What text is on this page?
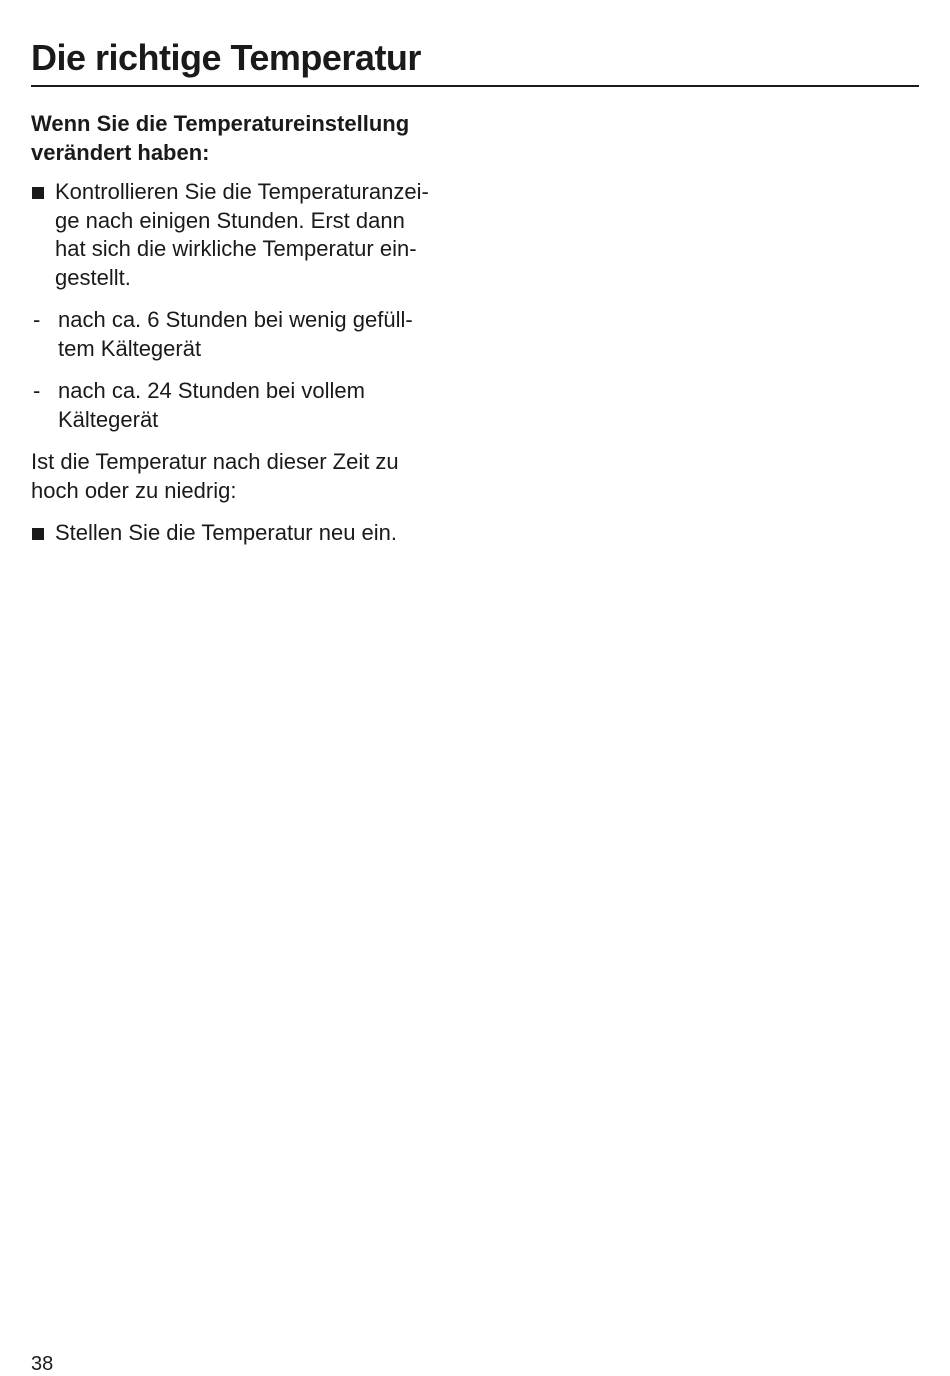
Die richtige Temperatur
Wenn Sie die Temperatureinstellung
verändert haben:
Kontrollieren Sie die Temperaturanzei-
ge nach einigen Stunden. Erst dann
hat sich die wirkliche Temperatur ein-
gestellt.
- nach ca. 6 Stunden bei wenig gefüll-
tem Kältegerät
- nach ca. 24 Stunden bei vollem
Kältegerät
Ist die Temperatur nach dieser Zeit zu
hoch oder zu niedrig:
Stellen Sie die Temperatur neu ein.
38
